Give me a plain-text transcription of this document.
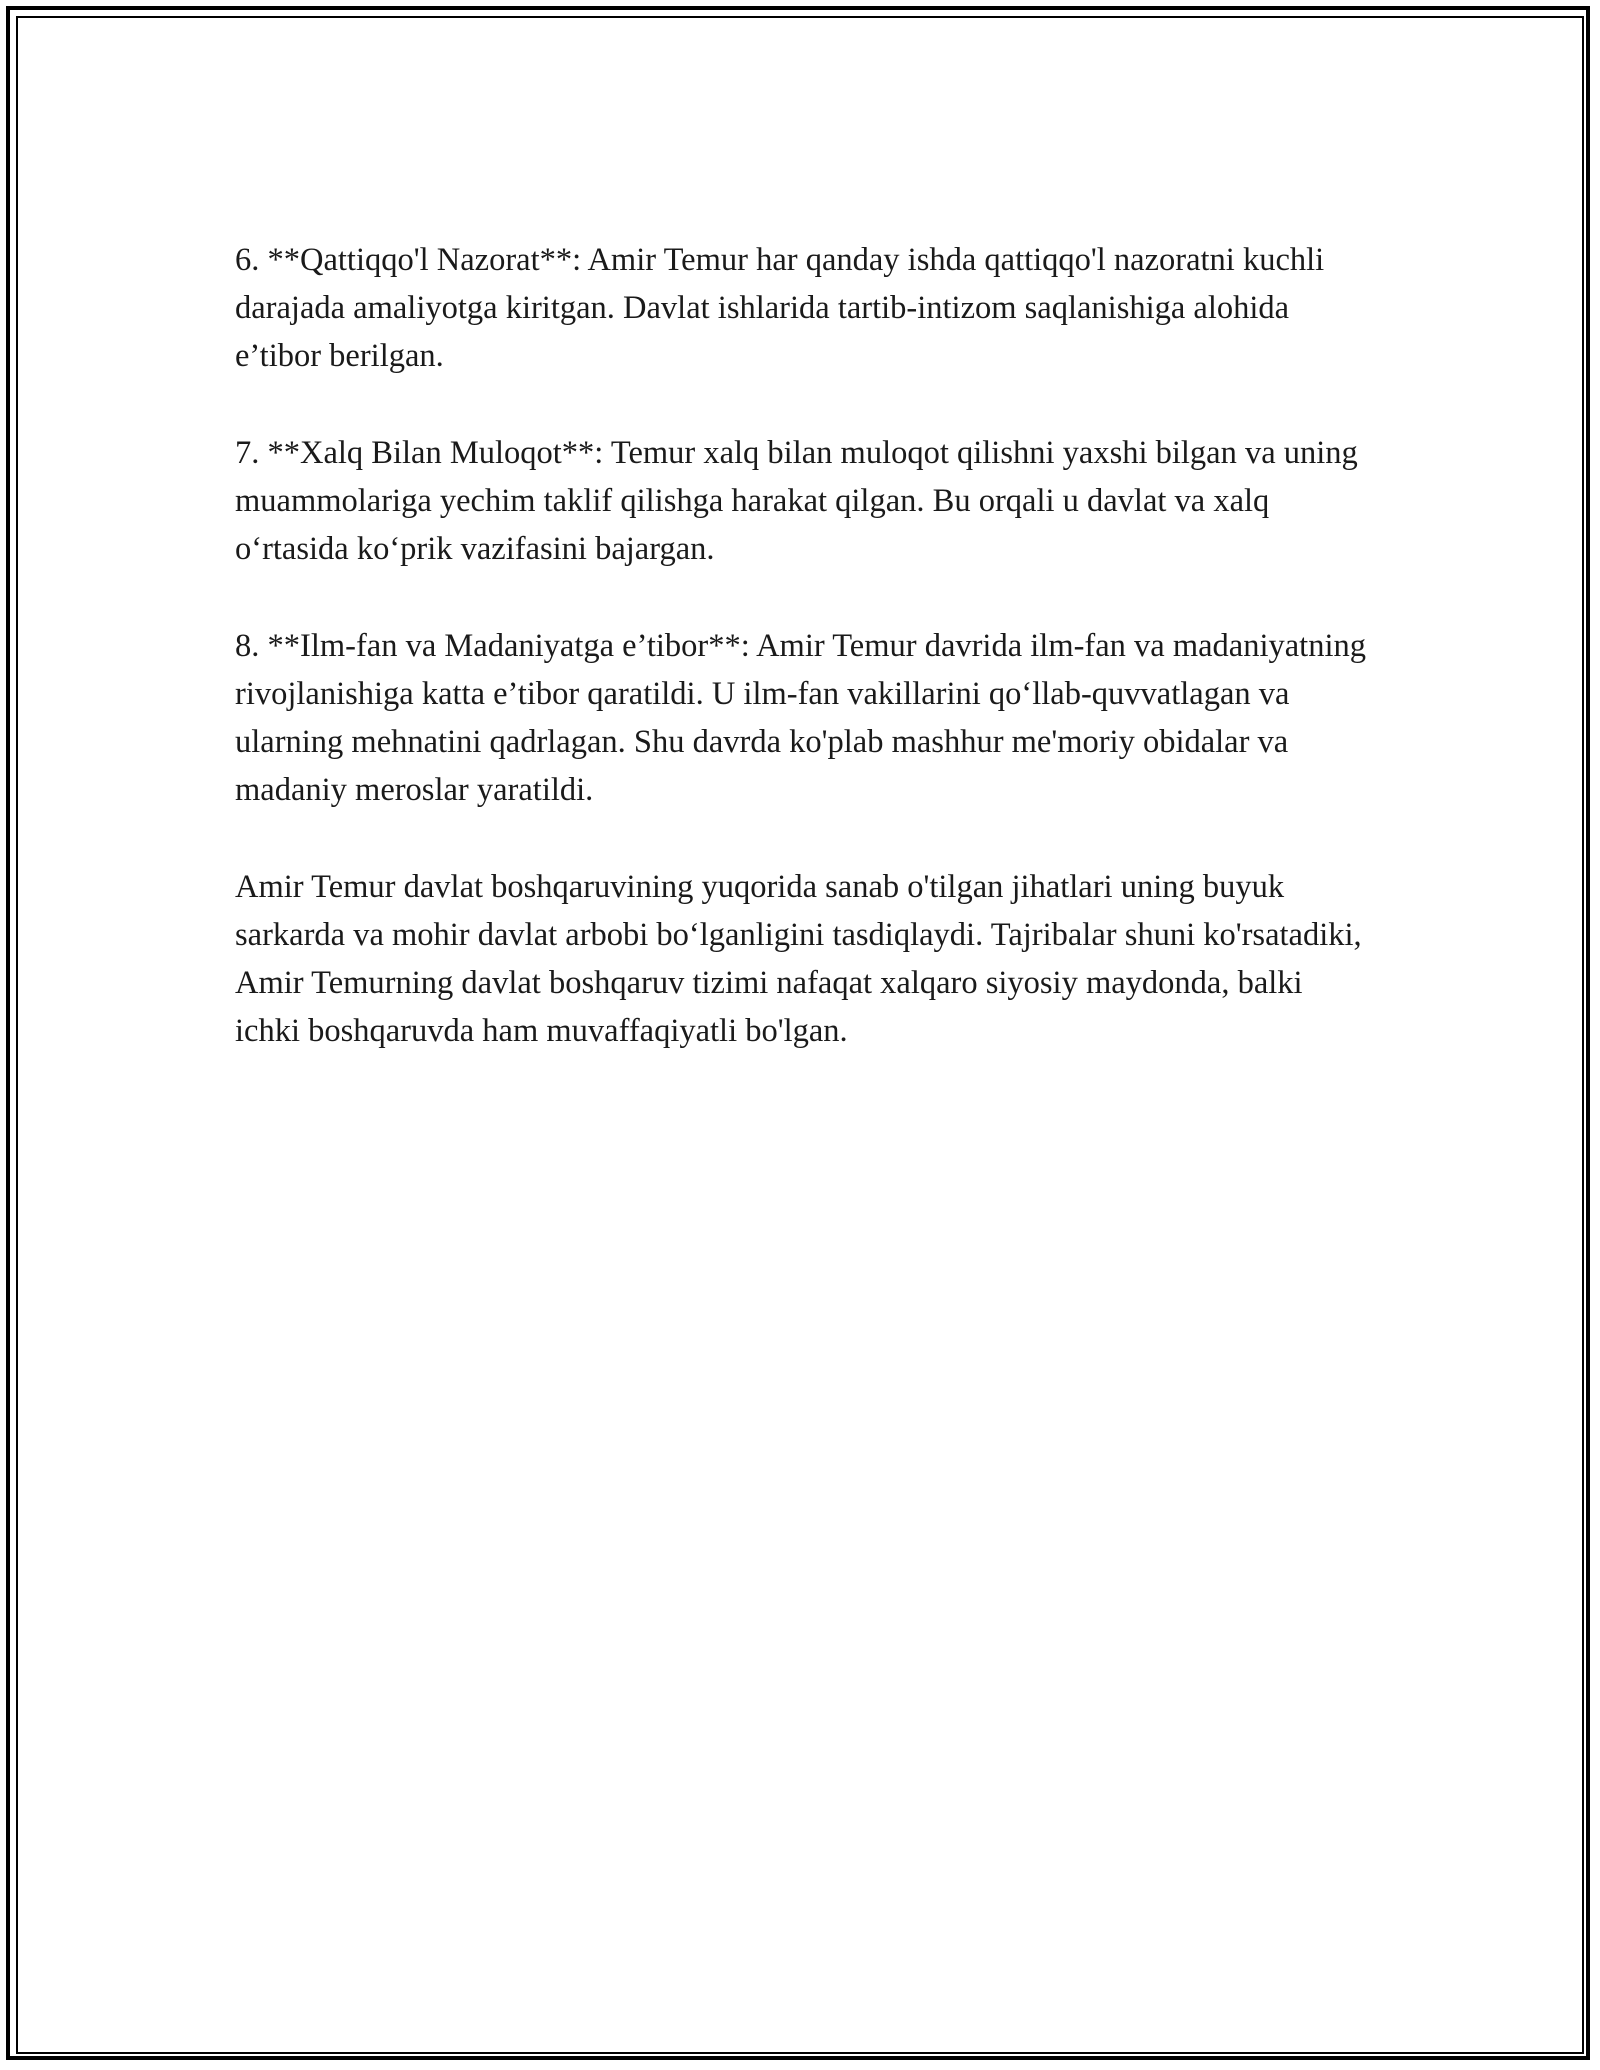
6. **Qattiqqo'l Nazorat**: Amir Temur har qanday ishda qattiqqo'l nazoratni kuchli darajada amaliyotga kiritgan. Davlat ishlarida tartib-intizom saqlanishiga alohida e’tibor berilgan.

7. **Xalq Bilan Muloqot**: Temur xalq bilan muloqot qilishni yaxshi bilgan va uning muammolariga yechim taklif qilishga harakat qilgan. Bu orqali u davlat va xalq o‘rtasida ko‘prik vazifasini bajargan.

8. **Ilm-fan va Madaniyatga e’tibor**: Amir Temur davrida ilm-fan va madaniyatning rivojlanishiga katta e’tibor qaratildi. U ilm-fan vakillarini qo‘llab-quvvatlagan va ularning mehnatini qadrlagan. Shu davrda ko'plab mashhur me'moriy obidalar va madaniy meroslar yaratildi.

Amir Temur davlat boshqaruvining yuqorida sanab o'tilgan jihatlari uning buyuk sarkarda va mohir davlat arbobi bo‘lganligini tasdiqlaydi. Tajribalar shuni ko'rsatadiki, Amir Temurning davlat boshqaruv tizimi nafaqat xalqaro siyosiy maydonda, balki ichki boshqaruvda ham muvaffaqiyatli bo'lgan.
